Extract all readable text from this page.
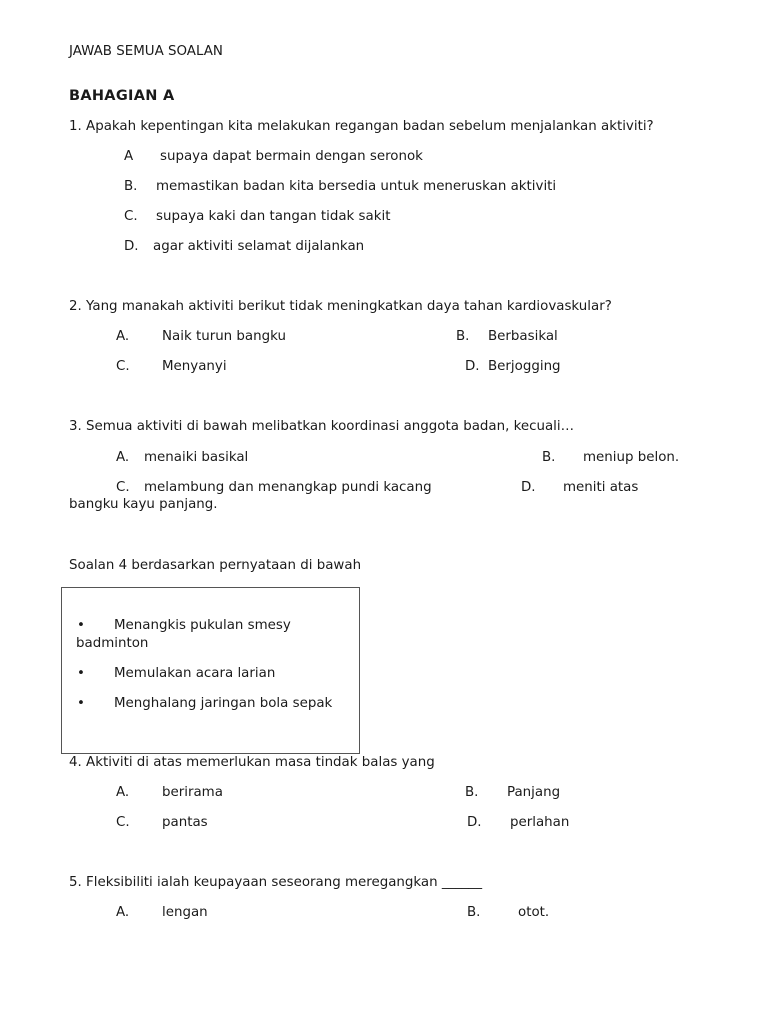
JAWAB SEMUA SOALAN
BAHAGIAN A
1. Apakah kepentingan kita melakukan regangan badan sebelum menjalankan aktiviti?
A supaya dapat bermain dengan seronok
B. memastikan badan kita bersedia untuk meneruskan aktiviti
C. supaya kaki dan tangan tidak sakit
D. agar aktiviti selamat dijalankan
2. Yang manakah aktiviti berikut tidak meningkatkan daya tahan kardiovaskular?
A. Naik turun bangku	B. Berbasikal
C. Menyanyi	D. Berjogging
3. Semua aktiviti di bawah melibatkan koordinasi anggota badan, kecuali…
A. menaiki basikal	B. meniup belon.
C. melambung dan menangkap pundi kacang	D. meniti atas
bangku kayu panjang.
Soalan 4 berdasarkan pernyataan di bawah
• Menangkis pukulan smesy
badminton
• Memulakan acara larian
• Menghalang jaringan bola sepak
4. Aktiviti di atas memerlukan masa tindak balas yang
A. berirama	B. Panjang
C. pantas	D. perlahan
5. Fleksibiliti ialah keupayaan seseorang meregangkan ______
A. lengan	B.	otot.
